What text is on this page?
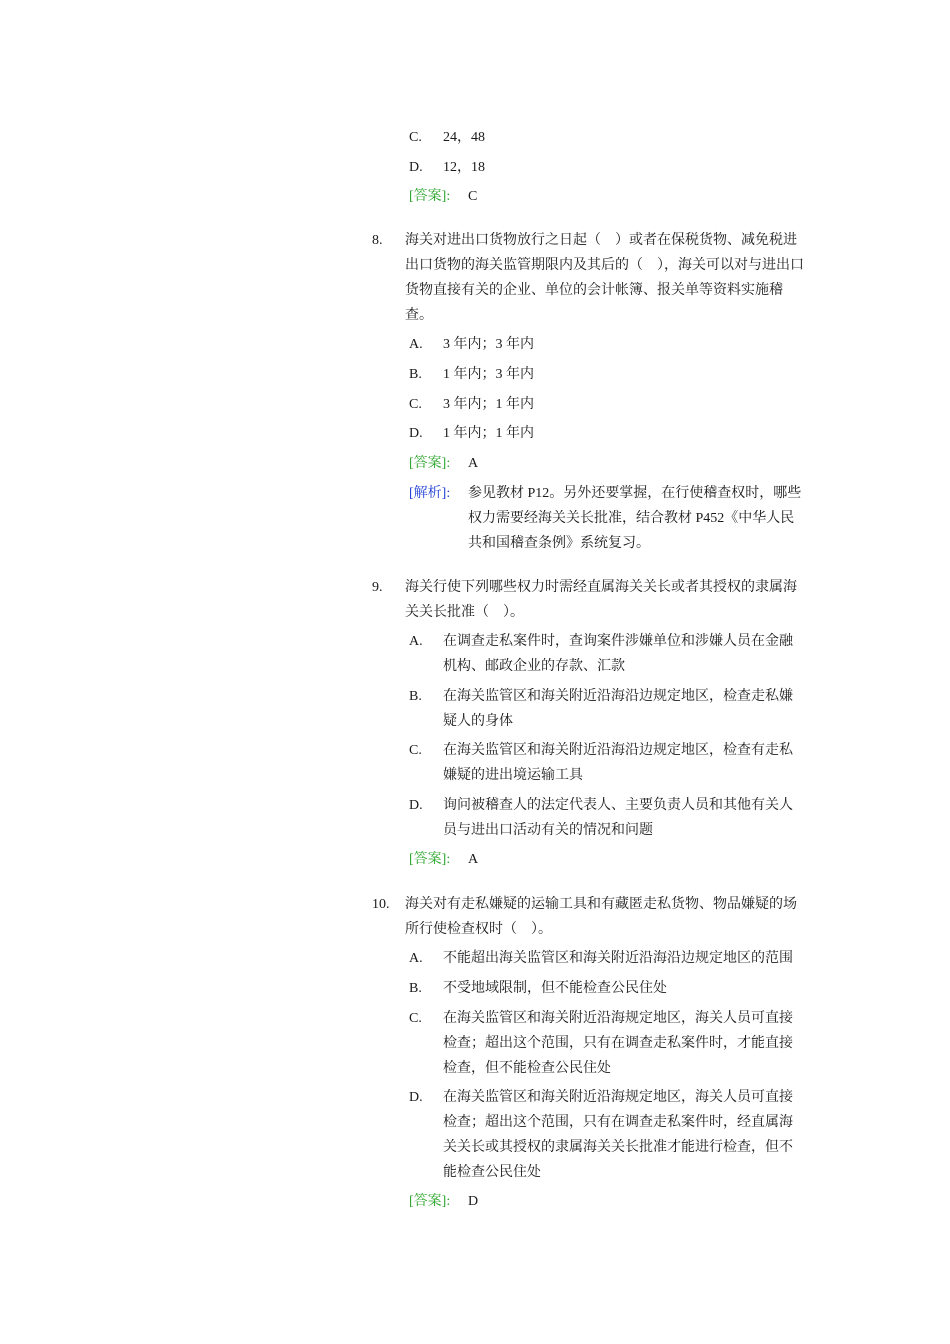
C.	24，48
D.	12，18
[答案]:	C
8.	海关对进出口货物放行之日起（　）或者在保税货物、减免税进出口货物的海关监管期限内及其后的（　），海关可以对与进出口货物直接有关的企业、单位的会计帐簿、报关单等资料实施稽查。
A.	3 年内；3 年内
B.	1 年内；3 年内
C.	3 年内；1 年内
D.	1 年内；1 年内
[答案]:	A
[解析]:	参见教材 P12。另外还要掌握，在行使稽查权时，哪些权力需要经海关关长批准，结合教材 P452《中华人民共和国稽查条例》系统复习。
9.	海关行使下列哪些权力时需经直属海关关长或者其授权的隶属海关关长批准（　）。
A.	在调查走私案件时，查询案件涉嫌单位和涉嫌人员在金融机构、邮政企业的存款、汇款
B.	在海关监管区和海关附近沿海沿边规定地区，检查走私嫌疑人的身体
C.	在海关监管区和海关附近沿海沿边规定地区，检查有走私嫌疑的进出境运输工具
D.	询问被稽查人的法定代表人、主要负责人员和其他有关人员与进出口活动有关的情况和问题
[答案]:	A
10.	海关对有走私嫌疑的运输工具和有藏匿走私货物、物品嫌疑的场所行使检查权时（　）。
A.	不能超出海关监管区和海关附近沿海沿边规定地区的范围
B.	不受地域限制，但不能检查公民住处
C.	在海关监管区和海关附近沿海规定地区，海关人员可直接检查；超出这个范围，只有在调查走私案件时，才能直接检查，但不能检查公民住处
D.	在海关监管区和海关附近沿海规定地区，海关人员可直接检查；超出这个范围，只有在调查走私案件时，经直属海关关长或其授权的隶属海关关长批准才能进行检查，但不能检查公民住处
[答案]:	D
